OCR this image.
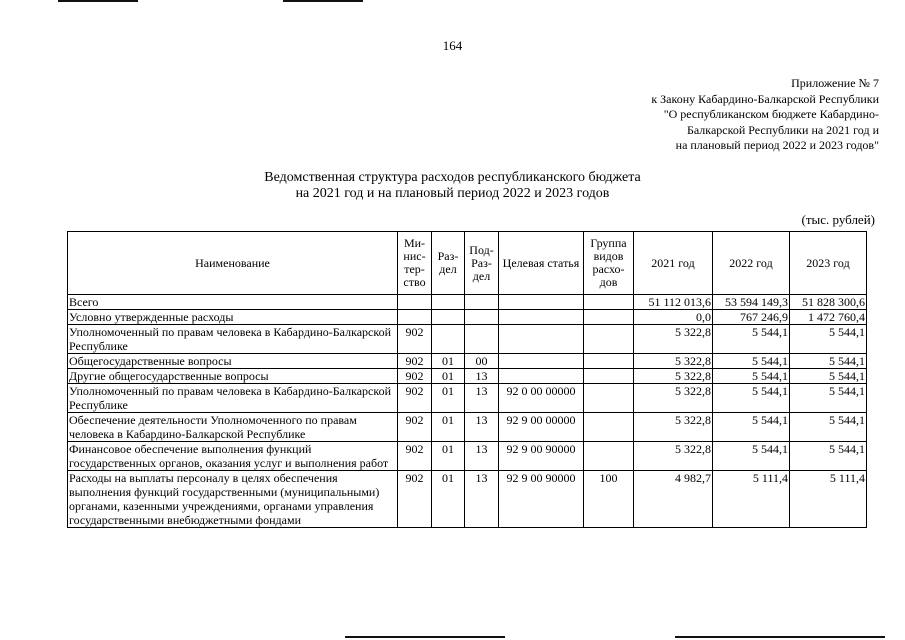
164
Приложение № 7
к Закону Кабардино-Балкарской Республики
"О республиканском бюджете Кабардино-
Балкарской Республики на 2021 год и
на плановый период 2022 и 2023 годов"
Ведомственная структура расходов республиканского бюджета
на 2021 год и на плановый период 2022 и 2023 годов
(тыс. рублей)
Наименование	Ми-нис-тер-ство	Раз-дел	Под-Раз-дел	Целевая статья	Группа видов расхо-дов	2021 год	2022 год	2023 год
Всего						51 112 013,6	53 594 149,3	51 828 300,6
Условно утвержденные расходы						0,0	767 246,9	1 472 760,4
Уполномоченный по правам человека в Кабардино-Балкарской Республике	902					5 322,8	5 544,1	5 544,1
Общегосударственные вопросы	902	01	00			5 322,8	5 544,1	5 544,1
Другие общегосударственные вопросы	902	01	13			5 322,8	5 544,1	5 544,1
Уполномоченный по правам человека в Кабардино-Балкарской Республике	902	01	13	92 0 00 00000		5 322,8	5 544,1	5 544,1
Обеспечение деятельности Уполномоченного по правам человека в Кабардино-Балкарской Республике	902	01	13	92 9 00 00000		5 322,8	5 544,1	5 544,1
Финансовое обеспечение выполнения функций государственных органов, оказания услуг и выполнения работ	902	01	13	92 9 00 90000		5 322,8	5 544,1	5 544,1
Расходы на выплаты персоналу в целях обеспечения выполнения функций государственными (муниципальными) органами, казенными учреждениями, органами управления государственными внебюджетными фондами	902	01	13	92 9 00 90000	100	4 982,7	5 111,4	5 111,4
